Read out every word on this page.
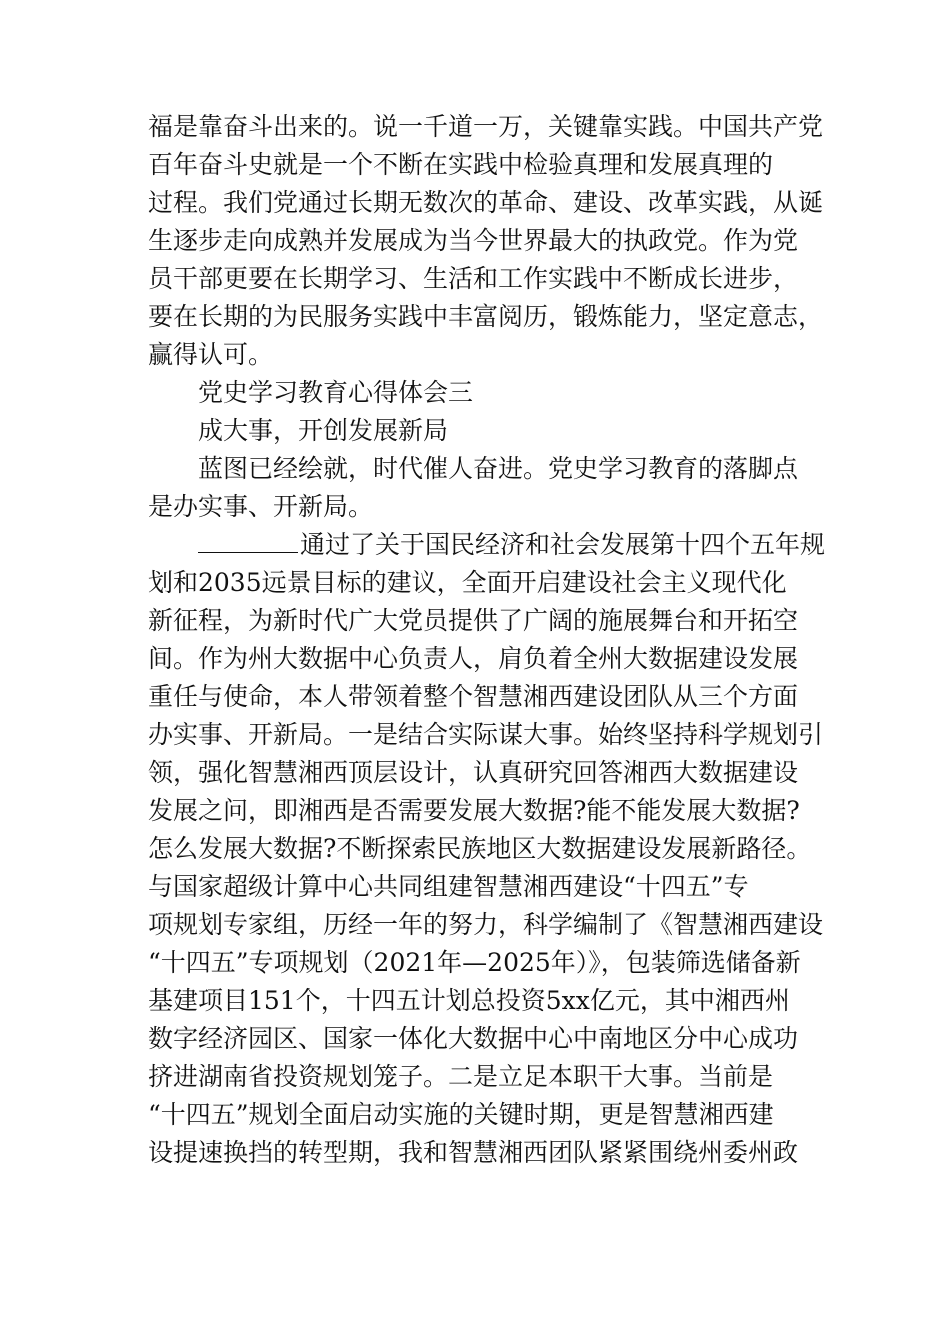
福是靠奋斗出来的。说一千道一万，关键靠实践。中国共产党
百年奋斗史就是一个不断在实践中检验真理和发展真理的
过程。我们党通过长期无数次的革命、建设、改革实践，从诞
生逐步走向成熟并发展成为当今世界最大的执政党。作为党
员干部更要在长期学习、生活和工作实践中不断成长进步，
要在长期的为民服务实践中丰富阅历，锻炼能力，坚定意志，
赢得认可。
党史学习教育心得体会三
成大事，开创发展新局
蓝图已经绘就，时代催人奋进。党史学习教育的落脚点
是办实事、开新局。
通过了关于国民经济和社会发展第十四个五年规
划和2035远景目标的建议，全面开启建设社会主义现代化
新征程，为新时代广大党员提供了广阔的施展舞台和开拓空
间。作为州大数据中心负责人，肩负着全州大数据建设发展
重任与使命，本人带领着整个智慧湘西建设团队从三个方面
办实事、开新局。一是结合实际谋大事。始终坚持科学规划引
领，强化智慧湘西顶层设计，认真研究回答湘西大数据建设
发展之问，即湘西是否需要发展大数据?能不能发展大数据?
怎么发展大数据?不断探索民族地区大数据建设发展新路径。
与国家超级计算中心共同组建智慧湘西建设“十四五”专
项规划专家组，历经一年的努力，科学编制了《智慧湘西建设
“十四五”专项规划（2021年—2025年）》，包装筛选储备新
基建项目151个，十四五计划总投资5xx亿元，其中湘西州
数字经济园区、国家一体化大数据中心中南地区分中心成功
挤进湖南省投资规划笼子。二是立足本职干大事。当前是
“十四五”规划全面启动实施的关键时期，更是智慧湘西建
设提速换挡的转型期，我和智慧湘西团队紧紧围绕州委州政
